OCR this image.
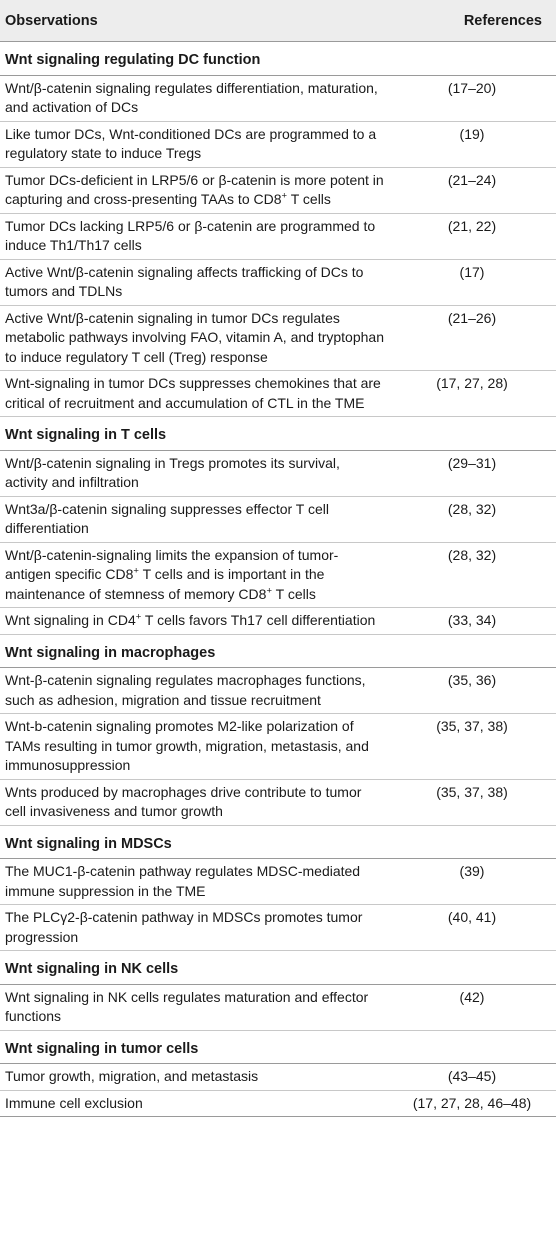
Observations	References
Wnt signaling regulating DC function	
Wnt/β-catenin signaling regulates differentiation, maturation, and activation of DCs	(17–20)
Like tumor DCs, Wnt-conditioned DCs are programmed to a regulatory state to induce Tregs	(19)
Tumor DCs-deficient in LRP5/6 or β-catenin is more potent in capturing and cross-presenting TAAs to CD8+ T cells	(21–24)
Tumor DCs lacking LRP5/6 or β-catenin are programmed to induce Th1/Th17 cells	(21, 22)
Active Wnt/β-catenin signaling affects trafficking of DCs to tumors and TDLNs	(17)
Active Wnt/β-catenin signaling in tumor DCs regulates metabolic pathways involving FAO, vitamin A, and tryptophan to induce regulatory T cell (Treg) response	(21–26)
Wnt-signaling in tumor DCs suppresses chemokines that are critical of recruitment and accumulation of CTL in the TME	(17, 27, 28)
Wnt signaling in T cells	
Wnt/β-catenin signaling in Tregs promotes its survival, activity and infiltration	(29–31)
Wnt3a/β-catenin signaling suppresses effector T cell differentiation	(28, 32)
Wnt/β-catenin-signaling limits the expansion of tumor-antigen specific CD8+ T cells and is important in the maintenance of stemness of memory CD8+ T cells	(28, 32)
Wnt signaling in CD4+ T cells favors Th17 cell differentiation	(33, 34)
Wnt signaling in macrophages	
Wnt-β-catenin signaling regulates macrophages functions, such as adhesion, migration and tissue recruitment	(35, 36)
Wnt-b-catenin signaling promotes M2-like polarization of TAMs resulting in tumor growth, migration, metastasis, and immunosuppression	(35, 37, 38)
Wnts produced by macrophages drive contribute to tumor cell invasiveness and tumor growth	(35, 37, 38)
Wnt signaling in MDSCs	
The MUC1-β-catenin pathway regulates MDSC-mediated immune suppression in the TME	(39)
The PLCγ2-β-catenin pathway in MDSCs promotes tumor progression	(40, 41)
Wnt signaling in NK cells	
Wnt signaling in NK cells regulates maturation and effector functions	(42)
Wnt signaling in tumor cells	
Tumor growth, migration, and metastasis	(43–45)
Immune cell exclusion	(17, 27, 28, 46–48)
